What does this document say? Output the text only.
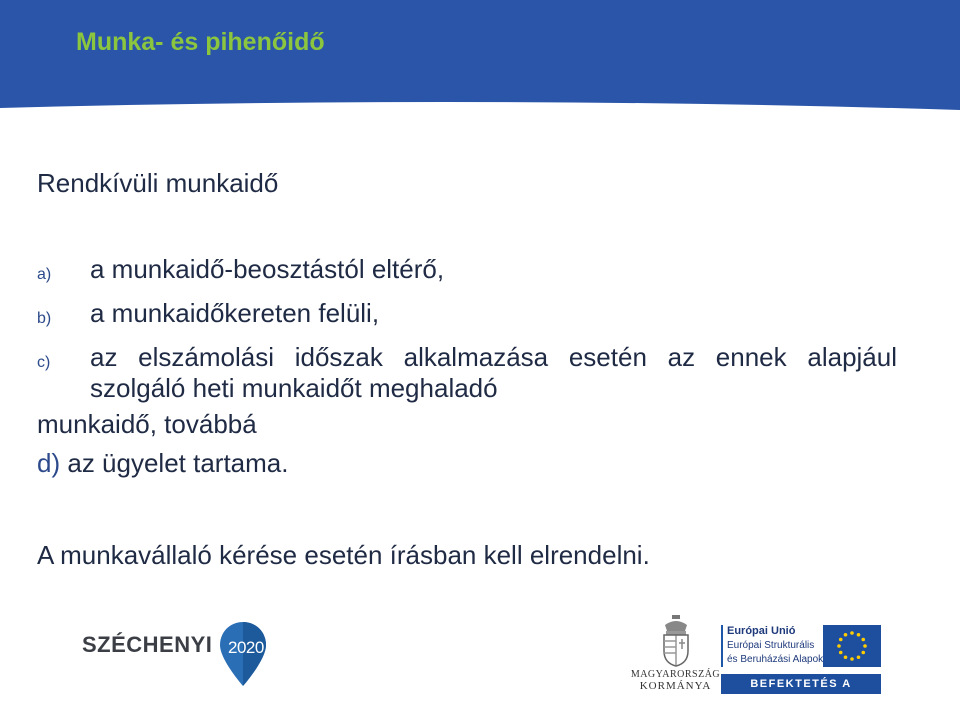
Munka- és pihenőidő
Rendkívüli munkaidő
a) a munkaidő-beosztástól eltérő,
b) a munkaidőkereten felüli,
c) az elszámolási időszak alkalmazása esetén az ennek alapjául szolgáló heti munkaidőt meghaladó
munkaidő, továbbá
d) az ügyelet tartama.
A munkavállaló kérése esetén írásban kell elrendelni.
SZÉCHENYI 2020
MAGYARORSZÁG
KORMÁNYA
Európai Unió
Európai Strukturális
és Beruházási Alapok
BEFEKTETÉS A JÖVŐBE
